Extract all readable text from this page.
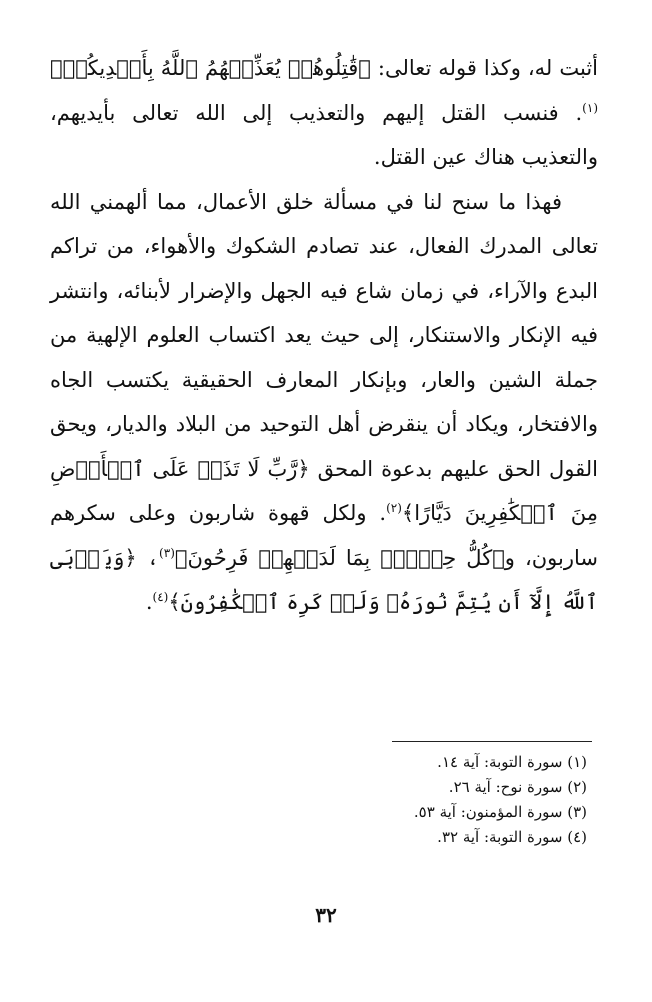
أثبت له، وكذا قوله تعالى: ﴿قَٰتِلُوهُمۡ يُعَذِّبۡهُمُ ٱللَّهُ بِأَيۡدِيكُمۡ﴾$^{(١)}$. فنسب القتل إليهم والتعذيب إلى الله تعالى بأيديهم، والتعذيب هناك عين القتل.

فهذا ما سنح لنا في مسألة خلق الأعمال، مما ألهمني الله تعالى المدرك الفعال، عند تصادم الشكوك والأهواء، من تراكم البدع والآراء، في زمان شاع فيه الجهل والإضرار لأبنائه، وانتشر فيه الإنكار والاستنكار، إلى حيث يعد اكتساب العلوم الإلهية من جملة الشين والعار، وبإنكار المعارف الحقيقية يكتسب الجاه والافتخار، ويكاد أن ينقرض أهل التوحيد من البلاد والديار، ويحق القول الحق عليهم بدعوة المحق ﴿رَّبِّ لَا تَذَرۡ عَلَى ٱلۡأَرۡضِ مِنَ ٱلۡكَٰفِرِينَ دَيَّارًا﴾$^{(٢)}$. ولكل قهوة شاربون وعلى سكرهم ساربون، و﴿كُلُّ حِزۡبِۭ بِمَا لَدَيۡهِمۡ فَرِحُونَ﴾$^{(٣)}$، ﴿وَيَأۡبَى ٱللَّهُ إِلَّآ أَن يُتِمَّ نُورَهُۥ وَلَوۡ كَرِهَ ٱلۡكَٰفِرُونَ﴾$^{(٤)}$.

(١) سورة التوبة: آية ١٤.
(٢) سورة نوح: آية ٢٦.
(٣) سورة المؤمنون: آية ٥٣.
(٤) سورة التوبة: آية ٣٢.
٣٢
